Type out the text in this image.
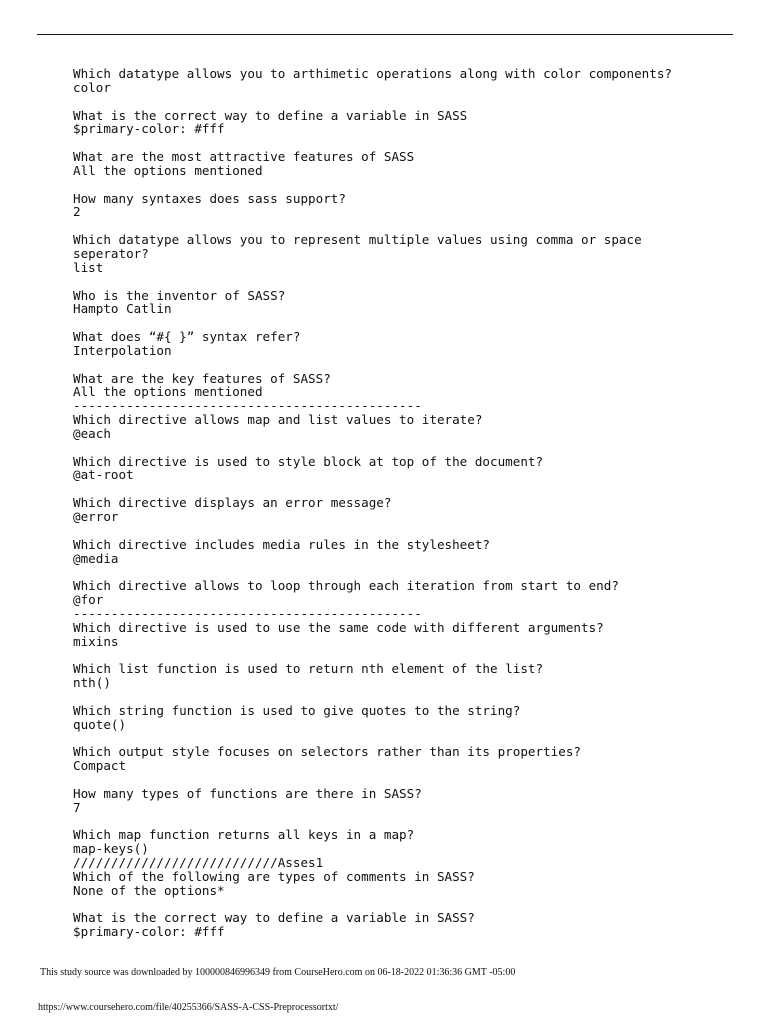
Which datatype allows you to arthimetic operations along with color components?
color
What is the correct way to define a variable in SASS
$primary-color: #fff
What are the most attractive features of SASS
All the options mentioned
How many syntaxes does sass support?
2
Which datatype allows you to represent multiple values using comma or space
seperator?
list
Who is the inventor of SASS?
Hampto Catlin
What does “#{ }” syntax refer?
Interpolation
What are the key features of SASS?
All the options mentioned
----------------------------------------------
Which directive allows map and list values to iterate?
@each
Which directive is used to style block at top of the document?
@at-root
Which directive displays an error message?
@error
Which directive includes media rules in the stylesheet?
@media
Which directive allows to loop through each iteration from start to end?
@for
----------------------------------------------
Which directive is used to use the same code with different arguments?
mixins
Which list function is used to return nth element of the list?
nth()
Which string function is used to give quotes to the string?
quote()
Which output style focuses on selectors rather than its properties?
Compact
How many types of functions are there in SASS?
7
Which map function returns all keys in a map?
map-keys()
///////////////////////////Asses1
Which of the following are types of comments in SASS?
None of the options*
What is the correct way to define a variable in SASS?
$primary-color: #fff
This study source was downloaded by 100000846996349 from CourseHero.com on 06-18-2022 01:36:36 GMT -05:00
https://www.coursehero.com/file/40255366/SASS-A-CSS-Preprocessortxt/
